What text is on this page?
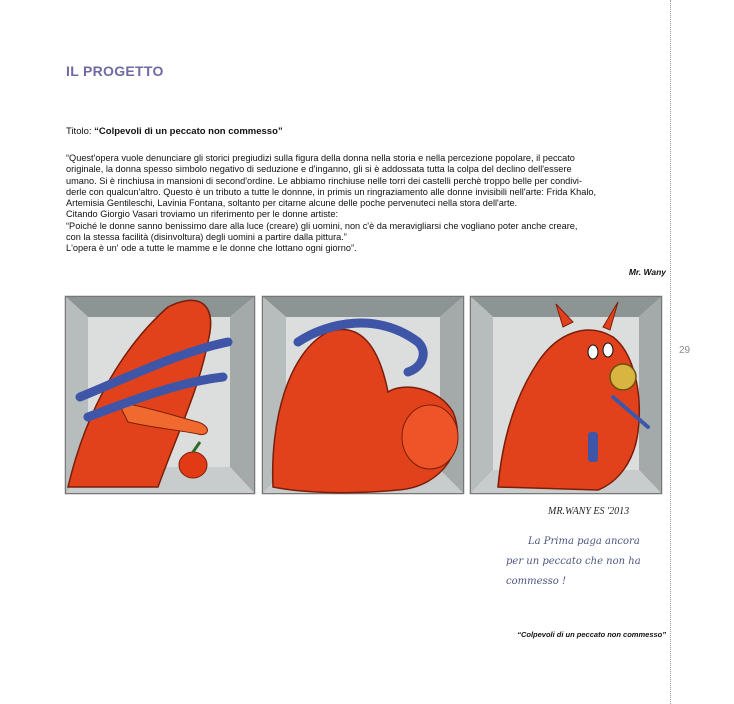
29
IL PROGETTO
Titolo: “Colpevoli di un peccato non commesso”

“Quest'opera vuole denunciare gli storici pregiudizi sulla figura della donna nella storia e nella percezione popolare, il peccato

originale, la donna spesso simbolo negativo di seduzione e d'inganno, gli si è addossata tutta la colpa del declino dell'essere

umano. Si è rinchiusa in mansioni di second'ordine. Le abbiamo rinchiuse nelle torri dei castelli perchè troppo belle per condivi-

derle con qualcun'altro. Questo è un tributo a tutte le donnne, in primis un ringraziamento alle donne invisibili nell'arte: Frida Khalo,

Artemisia Gentileschi, Lavinia Fontana, soltanto per citarne alcune delle poche pervenuteci nella stora dell'arte.

Citando Giorgio Vasari troviamo un riferimento per le donne artiste:

“Poiché le donne sanno benissimo dare alla luce (creare) gli uomini, non c'è da meravigliarsi che vogliano poter anche creare,

con la stessa facilità (disinvoltura) degli uomini a partire dalla pittura.”

L'opera è un' ode a tutte le mamme e le donne che lottano ogni giorno”.

Mr. Wany
MR.WANY ES '2013
La Prima paga ancora
per un peccato che non ha
commesso !
“Colpevoli di un peccato non commesso”
